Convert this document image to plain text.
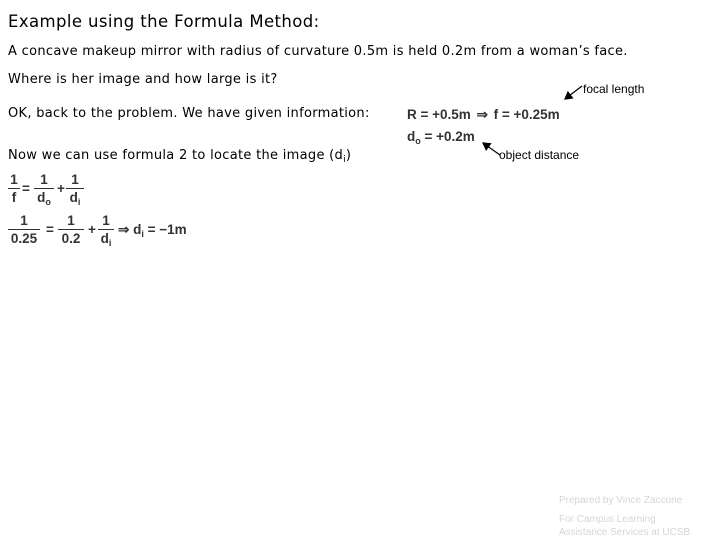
Example using the Formula Method:
A concave makeup mirror with radius of curvature 0.5m is held 0.2m from a woman’s face.
Where is her image and how large is it?
OK, back to the problem. We have given information:
Now we can use formula 2 to locate the image $(d_i)$
R = +0.5m ⇒ f = +0.25m
$d_o = +0.2m$
focal length
object distance
1
f
=
1
$d_o$
+
1
$d_i$
1
0.25
=
1
0.2
+
1
$d_i$
⇒ $d_i = -1m$
Prepared by Vince Zaccone
For Campus Learning
Assistance Services at UCSB
